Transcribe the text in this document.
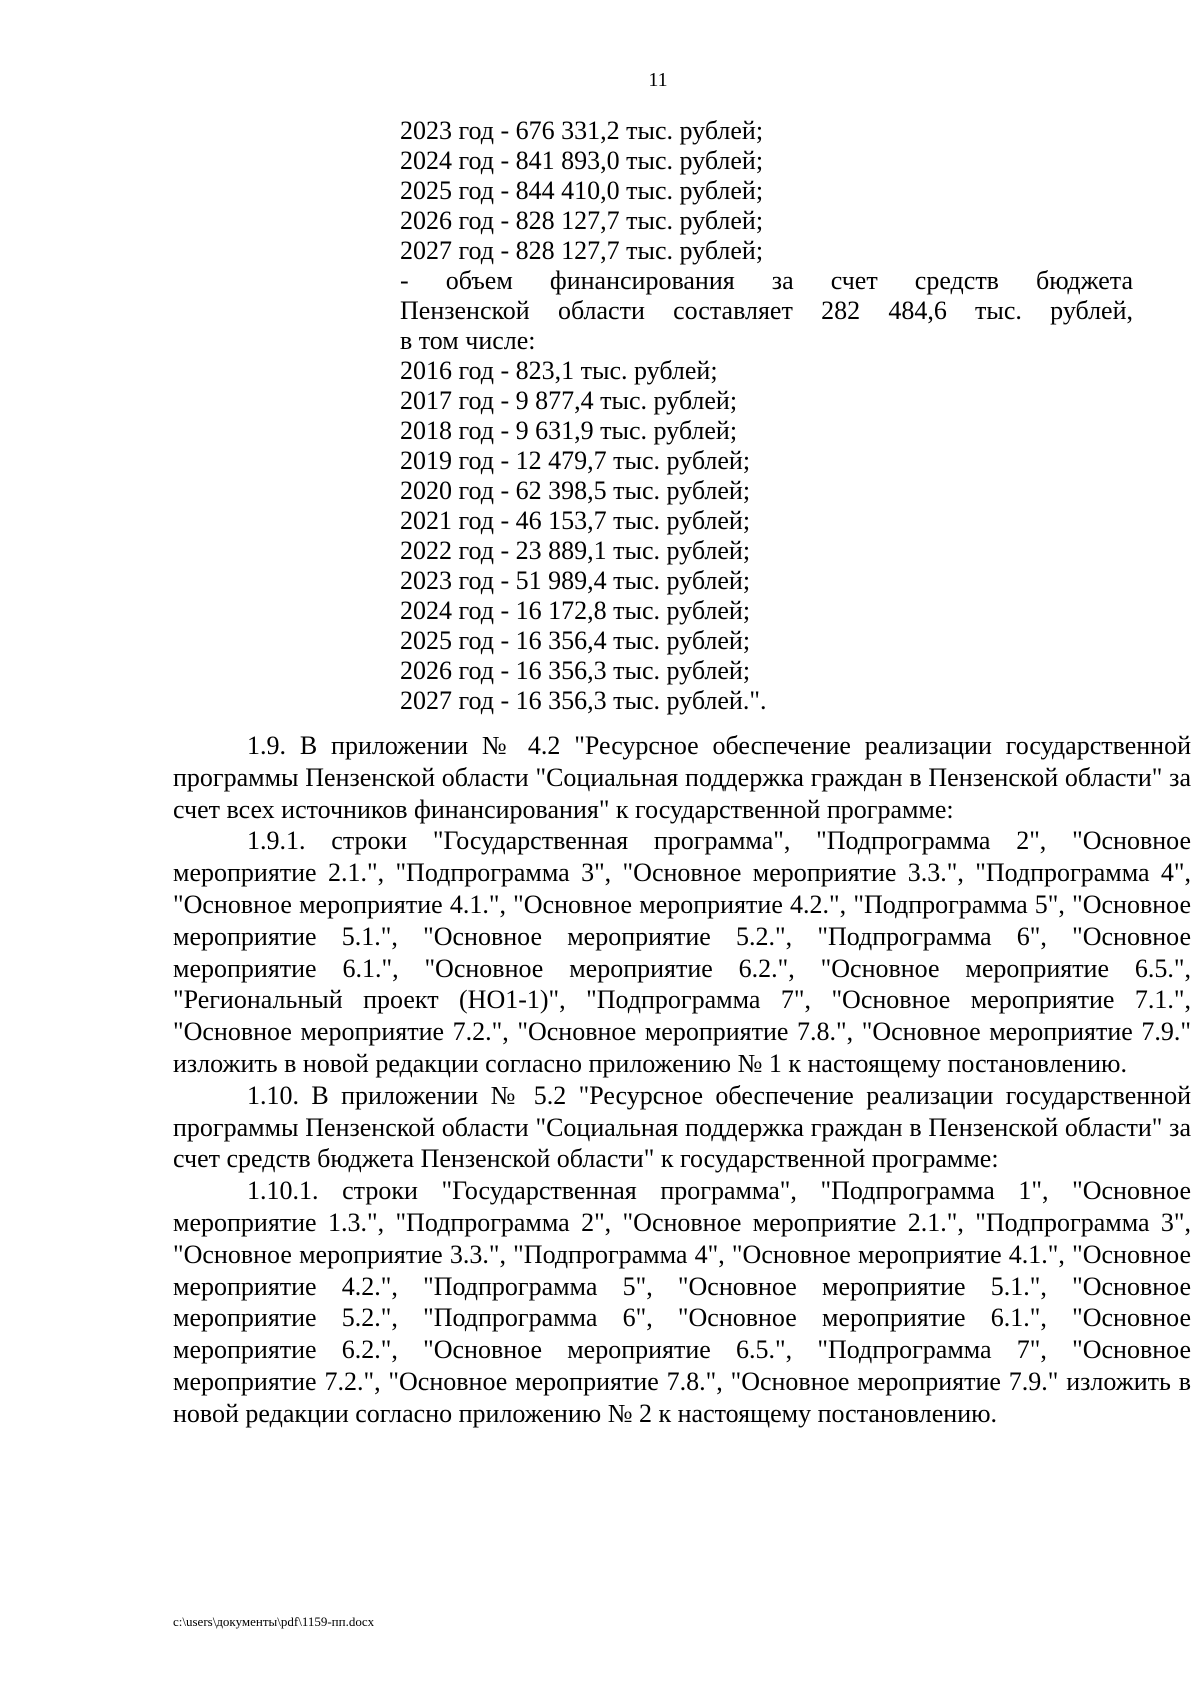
11
2023 год - 676 331,2 тыс. рублей;
2024 год - 841 893,0 тыс. рублей;
2025 год - 844 410,0 тыс. рублей;
2026 год - 828 127,7 тыс. рублей;
2027 год - 828 127,7 тыс. рублей;
- объем финансирования за счет средств бюджета
Пензенской области составляет 282 484,6 тыс. рублей,
в том числе:
2016 год - 823,1 тыс. рублей;
2017 год - 9 877,4 тыс. рублей;
2018 год - 9 631,9 тыс. рублей;
2019 год - 12 479,7 тыс. рублей;
2020 год - 62 398,5 тыс. рублей;
2021 год - 46 153,7 тыс. рублей;
2022 год - 23 889,1 тыс. рублей;
2023 год - 51 989,4 тыс. рублей;
2024 год - 16 172,8 тыс. рублей;
2025 год - 16 356,4 тыс. рублей;
2026 год - 16 356,3 тыс. рублей;
2027 год - 16 356,3 тыс. рублей.".

1.9. В приложении № 4.2 "Ресурсное обеспечение реализации государственной программы Пензенской области "Социальная поддержка граждан в Пензенской области" за счет всех источников финансирования" к государственной программе:

1.9.1. строки "Государственная программа", "Подпрограмма 2", "Основное мероприятие 2.1.", "Подпрограмма 3", "Основное мероприятие 3.3.", "Подпрограмма 4", "Основное мероприятие 4.1.", "Основное мероприятие 4.2.", "Подпрограмма 5", "Основное мероприятие 5.1.", "Основное мероприятие 5.2.", "Подпрограмма 6", "Основное мероприятие 6.1.", "Основное мероприятие 6.2.", "Основное мероприятие 6.5.", "Региональный проект (НО1-1)", "Подпрограмма 7", "Основное мероприятие 7.1.", "Основное мероприятие 7.2.", "Основное мероприятие 7.8.", "Основное мероприятие 7.9." изложить в новой редакции согласно приложению № 1 к настоящему постановлению.

1.10. В приложении № 5.2 "Ресурсное обеспечение реализации государственной программы Пензенской области "Социальная поддержка граждан в Пензенской области" за счет средств бюджета Пензенской области" к государственной программе:

1.10.1. строки "Государственная программа", "Подпрограмма 1", "Основное мероприятие 1.3.", "Подпрограмма 2", "Основное мероприятие 2.1.", "Подпрограмма 3", "Основное мероприятие 3.3.", "Подпрограмма 4", "Основное мероприятие 4.1.", "Основное мероприятие 4.2.", "Подпрограмма 5", "Основное мероприятие 5.1.", "Основное мероприятие 5.2.", "Подпрограмма 6", "Основное мероприятие 6.1.", "Основное мероприятие 6.2.", "Основное мероприятие 6.5.", "Подпрограмма 7", "Основное мероприятие 7.2.", "Основное мероприятие 7.8.", "Основное мероприятие 7.9." изложить в новой редакции согласно приложению № 2 к настоящему постановлению.

c:\users\документы\pdf\1159-пп.docx
